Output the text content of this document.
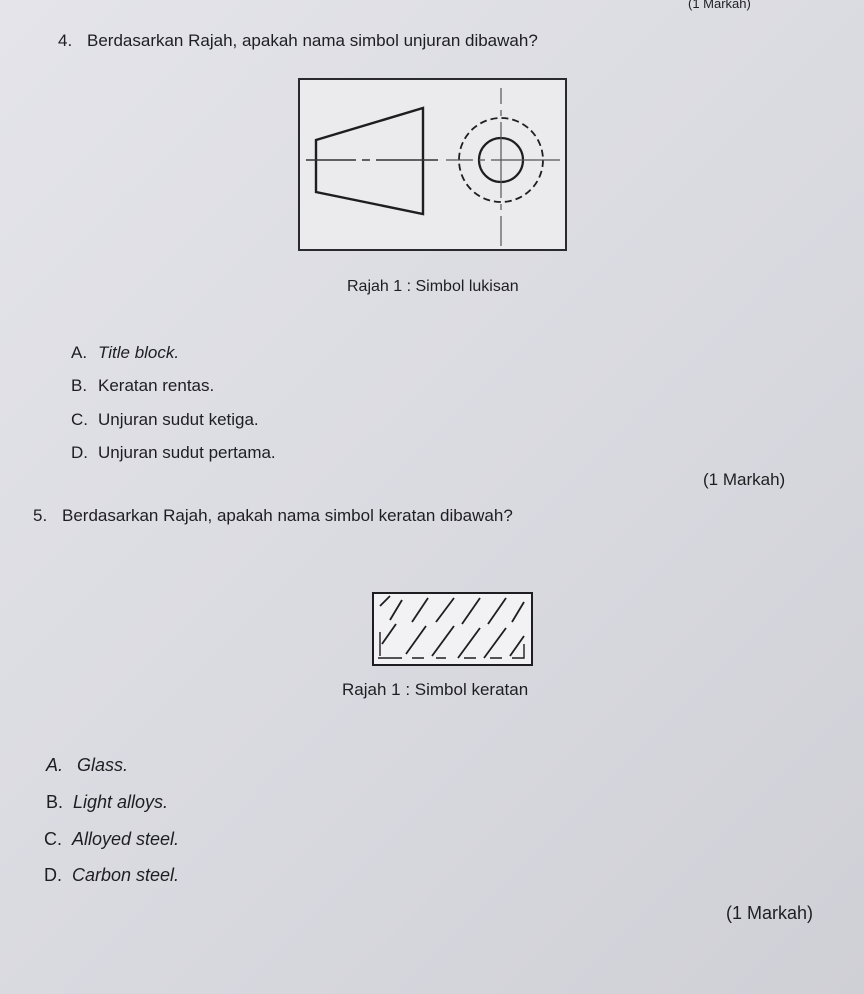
(1 Markah)
4. Berdasarkan Rajah, apakah nama simbol unjuran dibawah?
Rajah 1 : Simbol lukisan
A. Title block.
B. Keratan rentas.
C. Unjuran sudut ketiga.
D. Unjuran sudut pertama.
(1 Markah)
5. Berdasarkan Rajah, apakah nama simbol keratan dibawah?
Rajah 1 : Simbol keratan
A. Glass.
B. Light alloys.
C. Alloyed steel.
D. Carbon steel.
(1 Markah)
